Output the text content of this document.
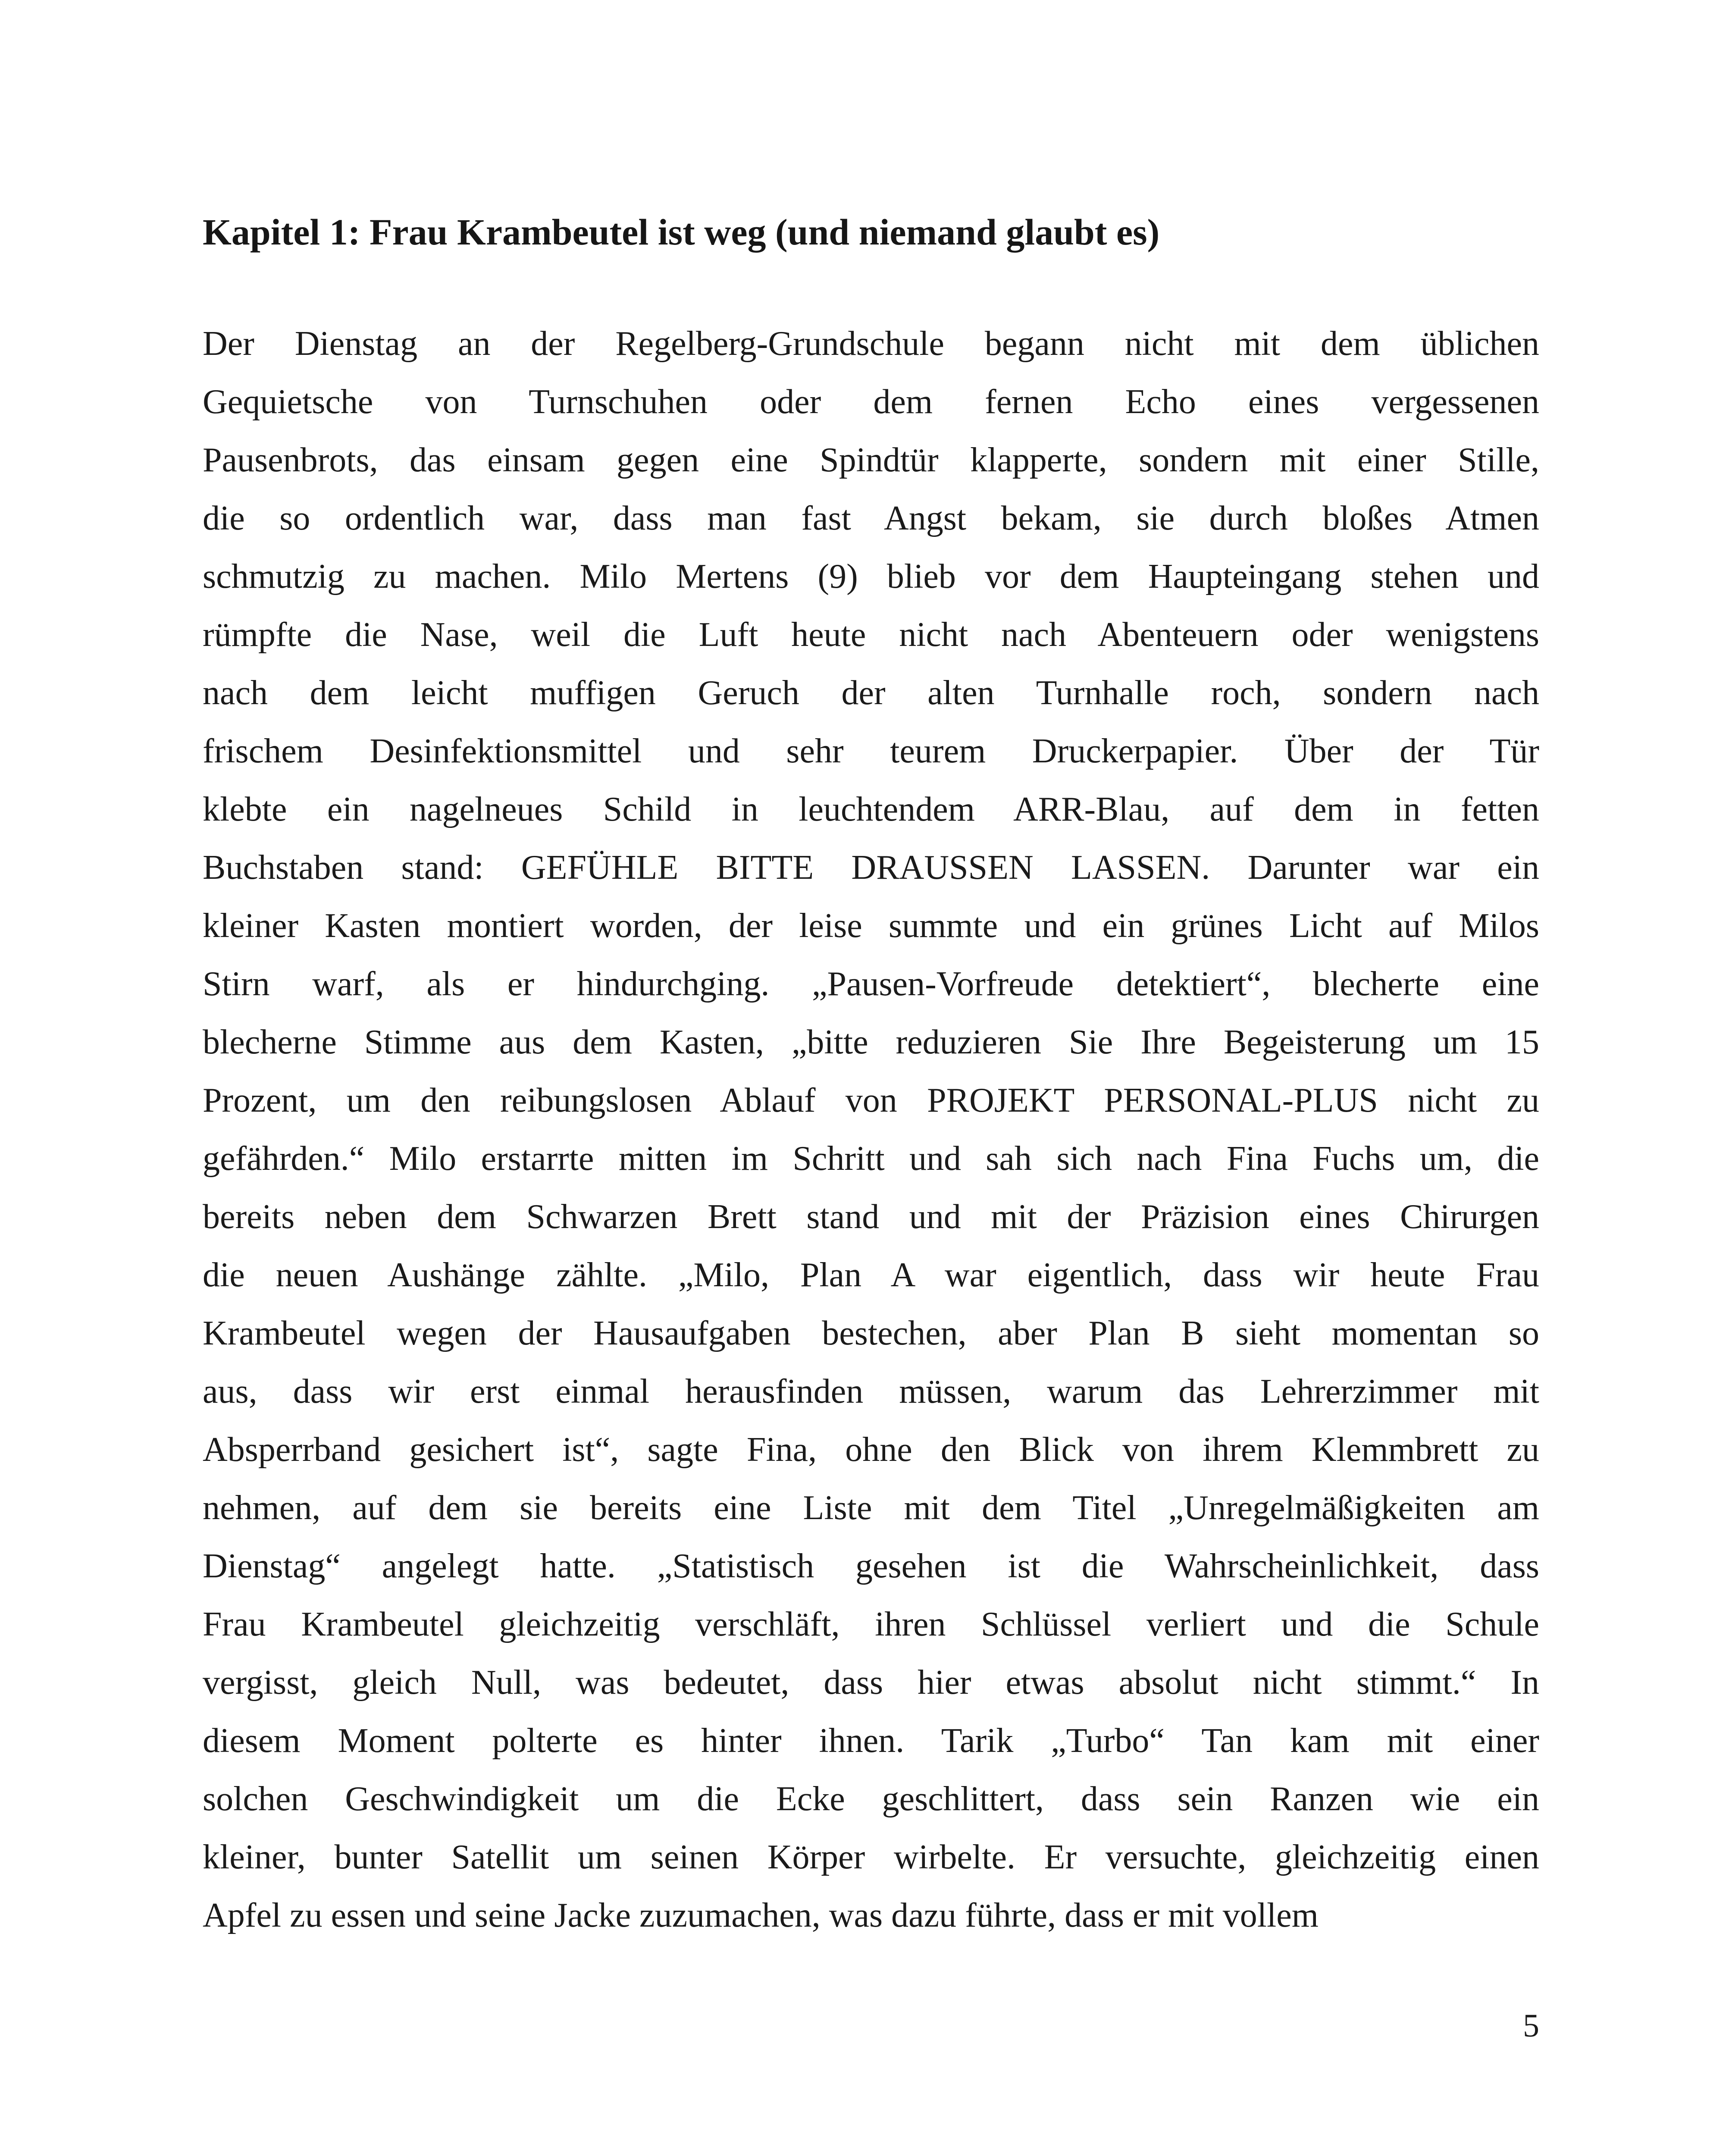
Kapitel 1: Frau Krambeutel ist weg (und niemand glaubt es)
Der Dienstag an der Regelberg-Grundschule begann nicht mit dem üblichen
Gequietsche von Turnschuhen oder dem fernen Echo eines vergessenen
Pausenbrots, das einsam gegen eine Spindtür klapperte, sondern mit einer Stille,
die so ordentlich war, dass man fast Angst bekam, sie durch bloßes Atmen
schmutzig zu machen. Milo Mertens (9) blieb vor dem Haupteingang stehen und
rümpfte die Nase, weil die Luft heute nicht nach Abenteuern oder wenigstens
nach dem leicht muffigen Geruch der alten Turnhalle roch, sondern nach
frischem Desinfektionsmittel und sehr teurem Druckerpapier. Über der Tür
klebte ein nagelneues Schild in leuchtendem ARR-Blau, auf dem in fetten
Buchstaben stand: GEFÜHLE BITTE DRAUSSEN LASSEN. Darunter war ein
kleiner Kasten montiert worden, der leise summte und ein grünes Licht auf Milos
Stirn warf, als er hindurchging. „Pausen-Vorfreude detektiert“, blecherte eine
blecherne Stimme aus dem Kasten, „bitte reduzieren Sie Ihre Begeisterung um 15
Prozent, um den reibungslosen Ablauf von PROJEKT PERSONAL-PLUS nicht zu
gefährden.“ Milo erstarrte mitten im Schritt und sah sich nach Fina Fuchs um, die
bereits neben dem Schwarzen Brett stand und mit der Präzision eines Chirurgen
die neuen Aushänge zählte. „Milo, Plan A war eigentlich, dass wir heute Frau
Krambeutel wegen der Hausaufgaben bestechen, aber Plan B sieht momentan so
aus, dass wir erst einmal herausfinden müssen, warum das Lehrerzimmer mit
Absperrband gesichert ist“, sagte Fina, ohne den Blick von ihrem Klemmbrett zu
nehmen, auf dem sie bereits eine Liste mit dem Titel „Unregelmäßigkeiten am
Dienstag“ angelegt hatte. „Statistisch gesehen ist die Wahrscheinlichkeit, dass
Frau Krambeutel gleichzeitig verschläft, ihren Schlüssel verliert und die Schule
vergisst, gleich Null, was bedeutet, dass hier etwas absolut nicht stimmt.“ In
diesem Moment polterte es hinter ihnen. Tarik „Turbo“ Tan kam mit einer
solchen Geschwindigkeit um die Ecke geschlittert, dass sein Ranzen wie ein
kleiner, bunter Satellit um seinen Körper wirbelte. Er versuchte, gleichzeitig einen
Apfel zu essen und seine Jacke zuzumachen, was dazu führte, dass er mit vollem
5
